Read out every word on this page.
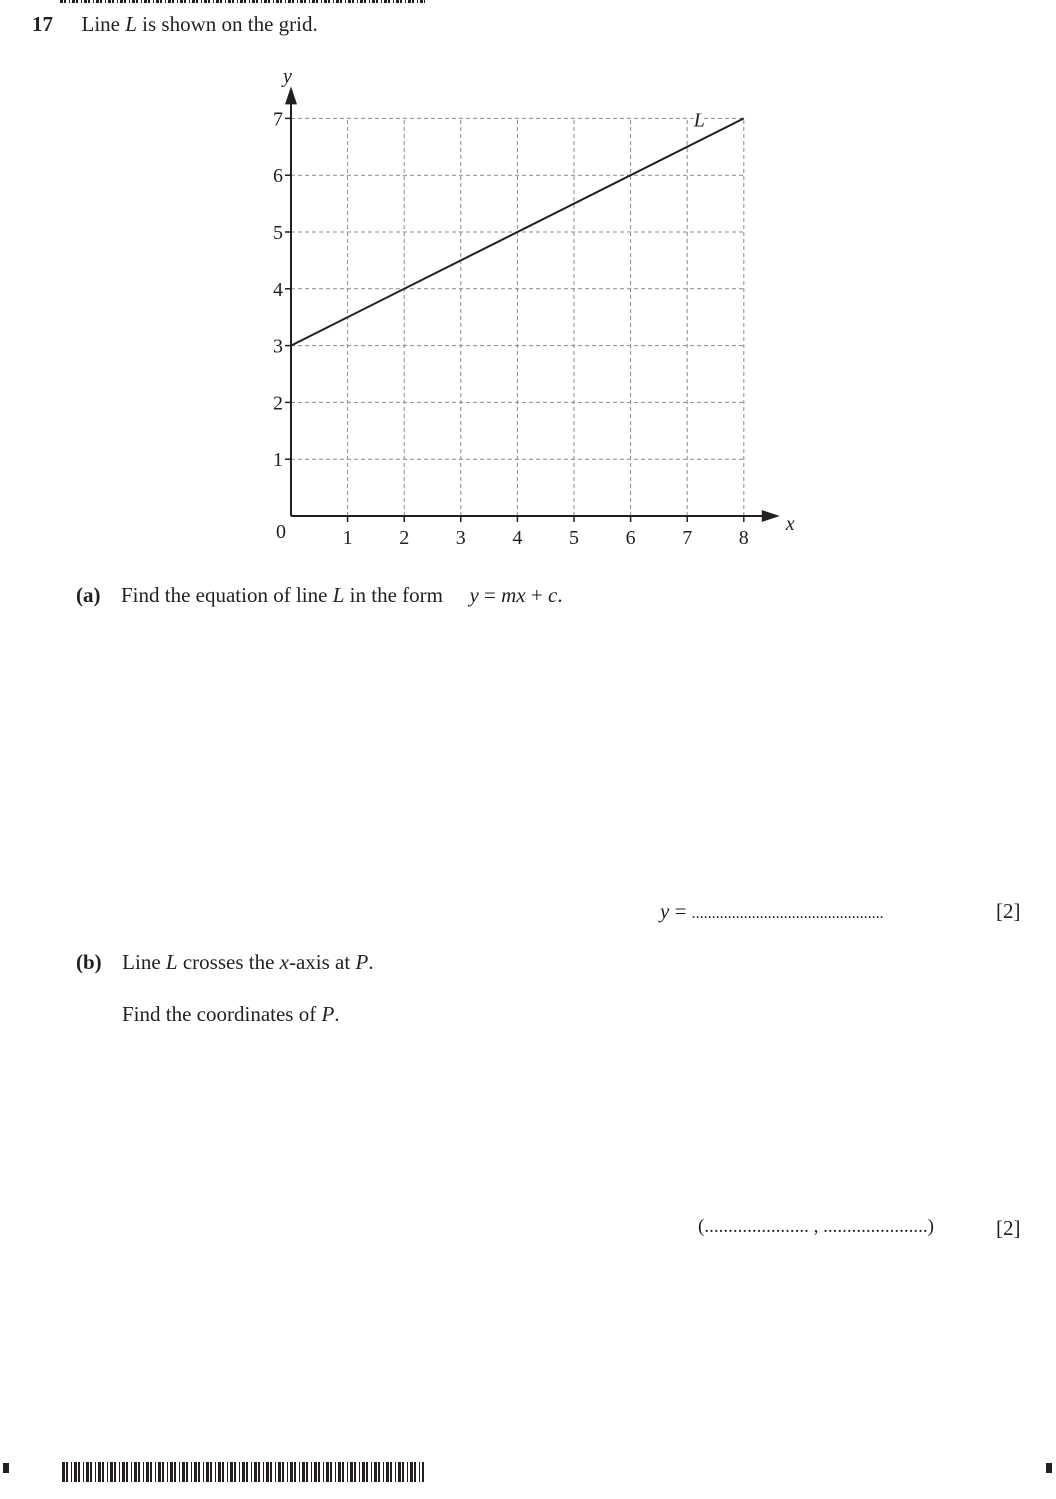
17 Line L is shown on the grid.
1 2 3 4 5 6 7 8
1
2
3
4
5
6
7
0
L
x
y
(a) Find the equation of line L in the form y = mx + c.
y = ................................................	[2]
(b) Line L crosses the x-axis at P.
Find the coordinates of P.
(...................... , ......................)	[2]
